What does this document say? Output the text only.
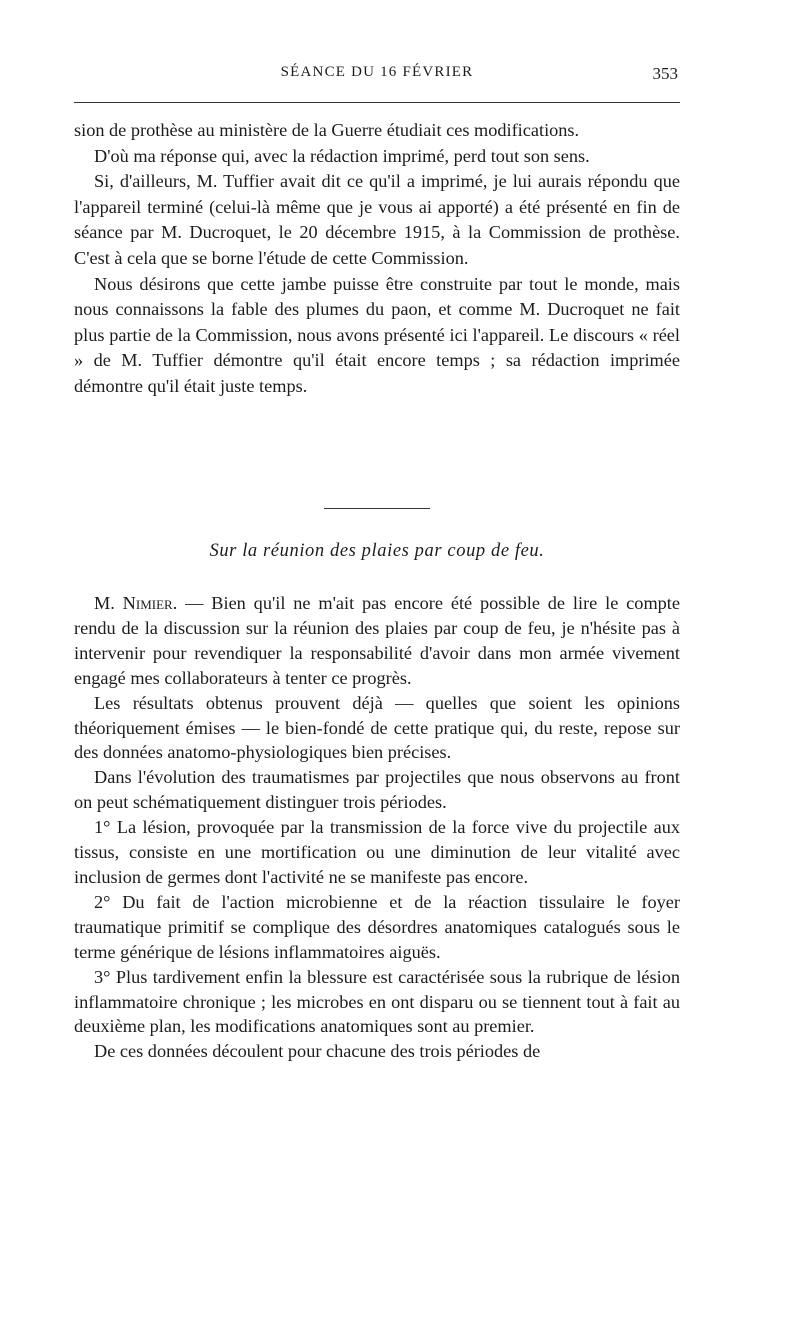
SÉANCE DU 16 FÉVRIER	353

sion de prothèse au ministère de la Guerre étudiait ces modifications.

D'où ma réponse qui, avec la rédaction imprimé, perd tout son sens.

Si, d'ailleurs, M. Tuffier avait dit ce qu'il a imprimé, je lui aurais répondu que l'appareil terminé (celui-là même que je vous ai apporté) a été présenté en fin de séance par M. Ducroquet, le 20 décembre 1915, à la Commission de prothèse. C'est à cela que se borne l'étude de cette Commission.

Nous désirons que cette jambe puisse être construite par tout le monde, mais nous connaissons la fable des plumes du paon, et comme M. Ducroquet ne fait plus partie de la Commission, nous avons présenté ici l'appareil. Le discours « réel » de M. Tuffier démontre qu'il était encore temps ; sa rédaction imprimée démontre qu'il était juste temps.

Sur la réunion des plaies par coup de feu.

M. Nimier. — Bien qu'il ne m'ait pas encore été possible de lire le compte rendu de la discussion sur la réunion des plaies par coup de feu, je n'hésite pas à intervenir pour revendiquer la responsabilité d'avoir dans mon armée vivement engagé mes collaborateurs à tenter ce progrès.

Les résultats obtenus prouvent déjà — quelles que soient les opinions théoriquement émises — le bien-fondé de cette pratique qui, du reste, repose sur des données anatomo-physiologiques bien précises.

Dans l'évolution des traumatismes par projectiles que nous observons au front on peut schématiquement distinguer trois périodes.

1° La lésion, provoquée par la transmission de la force vive du projectile aux tissus, consiste en une mortification ou une diminution de leur vitalité avec inclusion de germes dont l'activité ne se manifeste pas encore.

2° Du fait de l'action microbienne et de la réaction tissulaire le foyer traumatique primitif se complique des désordres anatomiques catalogués sous le terme générique de lésions inflammatoires aiguës.

3° Plus tardivement enfin la blessure est caractérisée sous la rubrique de lésion inflammatoire chronique ; les microbes en ont disparu ou se tiennent tout à fait au deuxième plan, les modifications anatomiques sont au premier.

De ces données découlent pour chacune des trois périodes de
